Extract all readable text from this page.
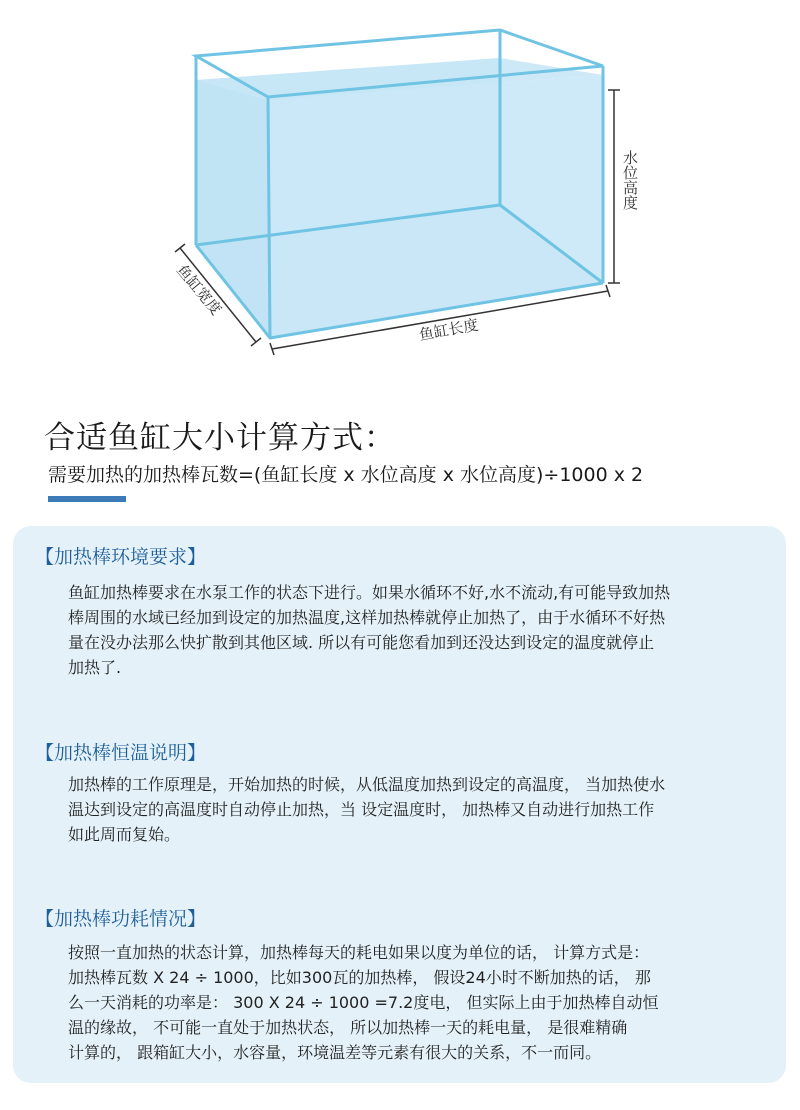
水位高度
鱼缸宽度
鱼缸长度
合适鱼缸大小计算方式：

需要加热的加热棒瓦数=(鱼缸长度 x 水位高度 x 水位高度)÷1000 x 2

【加热棒环境要求】
鱼缸加热棒要求在水泵工作的状态下进行。如果水循环不好,水不流动,有可能导致加热
棒周围的水域已经加到设定的加热温度,这样加热棒就停止加热了，由于水循环不好热
量在没办法那么快扩散到其他区域. 所以有可能您看加到还没达到设定的温度就停止
加热了.
【加热棒恒温说明】
加热棒的工作原理是，开始加热的时候，从低温度加热到设定的高温度， 当加热使水
温达到设定的高温度时自动停止加热，当 设定温度时， 加热棒又自动进行加热工作
如此周而复始。
【加热棒功耗情况】
按照一直加热的状态计算，加热棒每天的耗电如果以度为单位的话， 计算方式是：
加热棒瓦数 X 24 ÷ 1000，比如300瓦的加热棒， 假设24小时不断加热的话， 那
么一天消耗的功率是： 300 X 24 ÷ 1000 =7.2度电， 但实际上由于加热棒自动恒
温的缘故， 不可能一直处于加热状态， 所以加热棒一天的耗电量， 是很难精确
计算的， 跟箱缸大小，水容量，环境温差等元素有很大的关系，不一而同。
